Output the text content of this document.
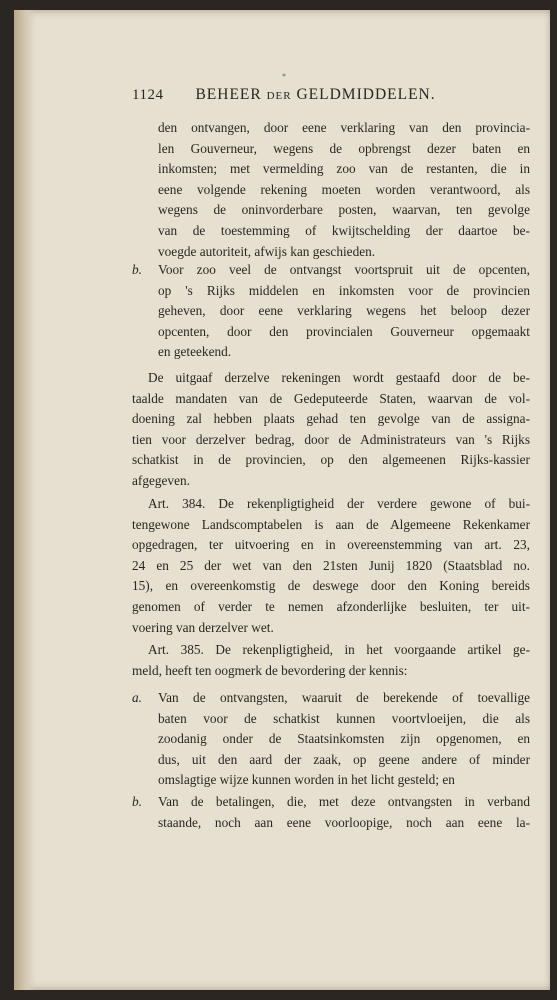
*
1124 BEHEER DER GELDMIDDELEN.
den ontvangen, door eene verklaring van den provincia-
len Gouverneur, wegens de opbrengst dezer baten en
inkomsten; met vermelding zoo van de restanten, die in
eene volgende rekening moeten worden verantwoord, als
wegens de oninvorderbare posten, waarvan, ten gevolge
van de toestemming of kwijtschelding der daartoe be-
voegde autoriteit, afwijs kan geschieden.
b. Voor zoo veel de ontvangst voortspruit uit de opcenten,
op 's Rijks middelen en inkomsten voor de provincien
geheven, door eene verklaring wegens het beloop dezer
opcenten, door den provincialen Gouverneur opgemaakt
en geteekend.
De uitgaaf derzelve rekeningen wordt gestaafd door de be-
taalde mandaten van de Gedeputeerde Staten, waarvan de vol-
doening zal hebben plaats gehad ten gevolge van de assigna-
tien voor derzelver bedrag, door de Administrateurs van 's Rijks
schatkist in de provincien, op den algemeenen Rijks-kassier
afgegeven.
Art. 384. De rekenpligtigheid der verdere gewone of bui-
tengewone Landscomptabelen is aan de Algemeene Rekenkamer
opgedragen, ter uitvoering en in overeenstemming van art. 23,
24 en 25 der wet van den 21sten Junij 1820 (Staatsblad no.
15), en overeenkomstig de deswege door den Koning bereids
genomen of verder te nemen afzonderlijke besluiten, ter uit-
voering van derzelver wet.
Art. 385. De rekenpligtigheid, in het voorgaande artikel ge-
meld, heeft ten oogmerk de bevordering der kennis:
a. Van de ontvangsten, waaruit de berekende of toevallige
baten voor de schatkist kunnen voortvloeijen, die als
zoodanig onder de Staatsinkomsten zijn opgenomen, en
dus, uit den aard der zaak, op geene andere of minder
omslagtige wijze kunnen worden in het licht gesteld; en
b. Van de betalingen, die, met deze ontvangsten in verband
staande, noch aan eene voorloopige, noch aan eene la-
